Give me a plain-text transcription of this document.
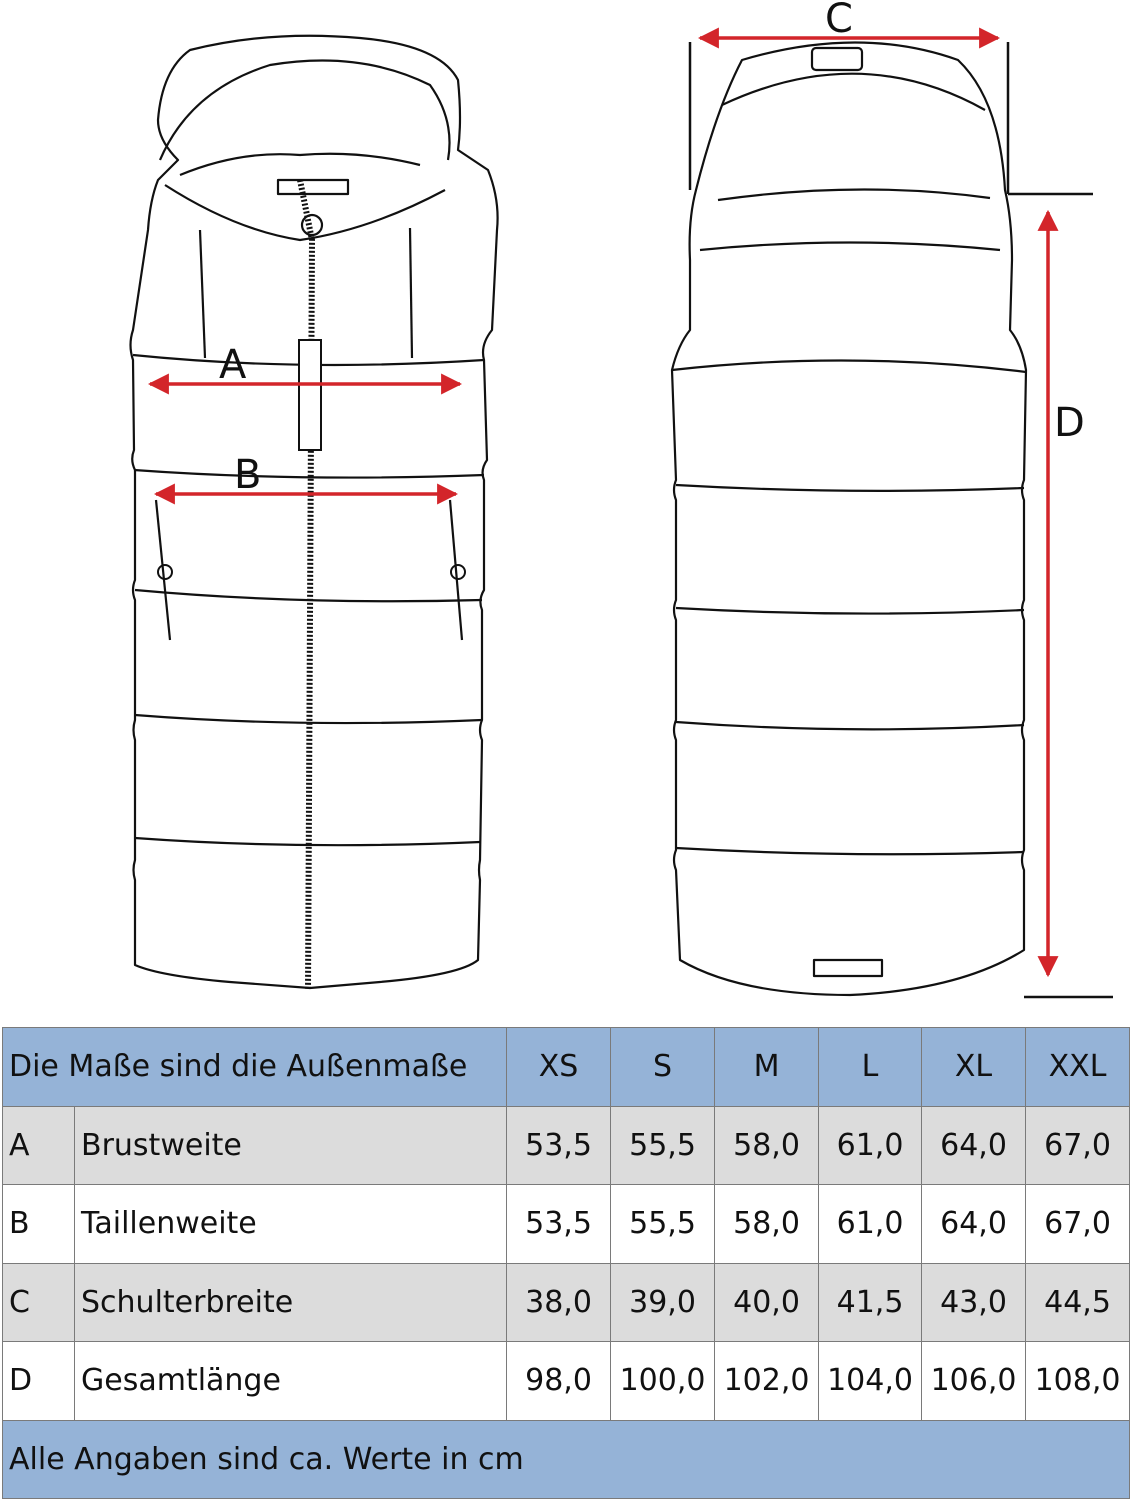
A
B
C
D
Die Maße sind die Außenmaße		XS	S	M	L	XL	XXL
A	Brustweite	53,5	55,5	58,0	61,0	64,0	67,0
B	Taillenweite	53,5	55,5	58,0	61,0	64,0	67,0
C	Schulterbreite	38,0	39,0	40,0	41,5	43,0	44,5
D	Gesamtlänge	98,0	100,0	102,0	104,0	106,0	108,0
Alle Angaben sind ca. Werte in cm							
